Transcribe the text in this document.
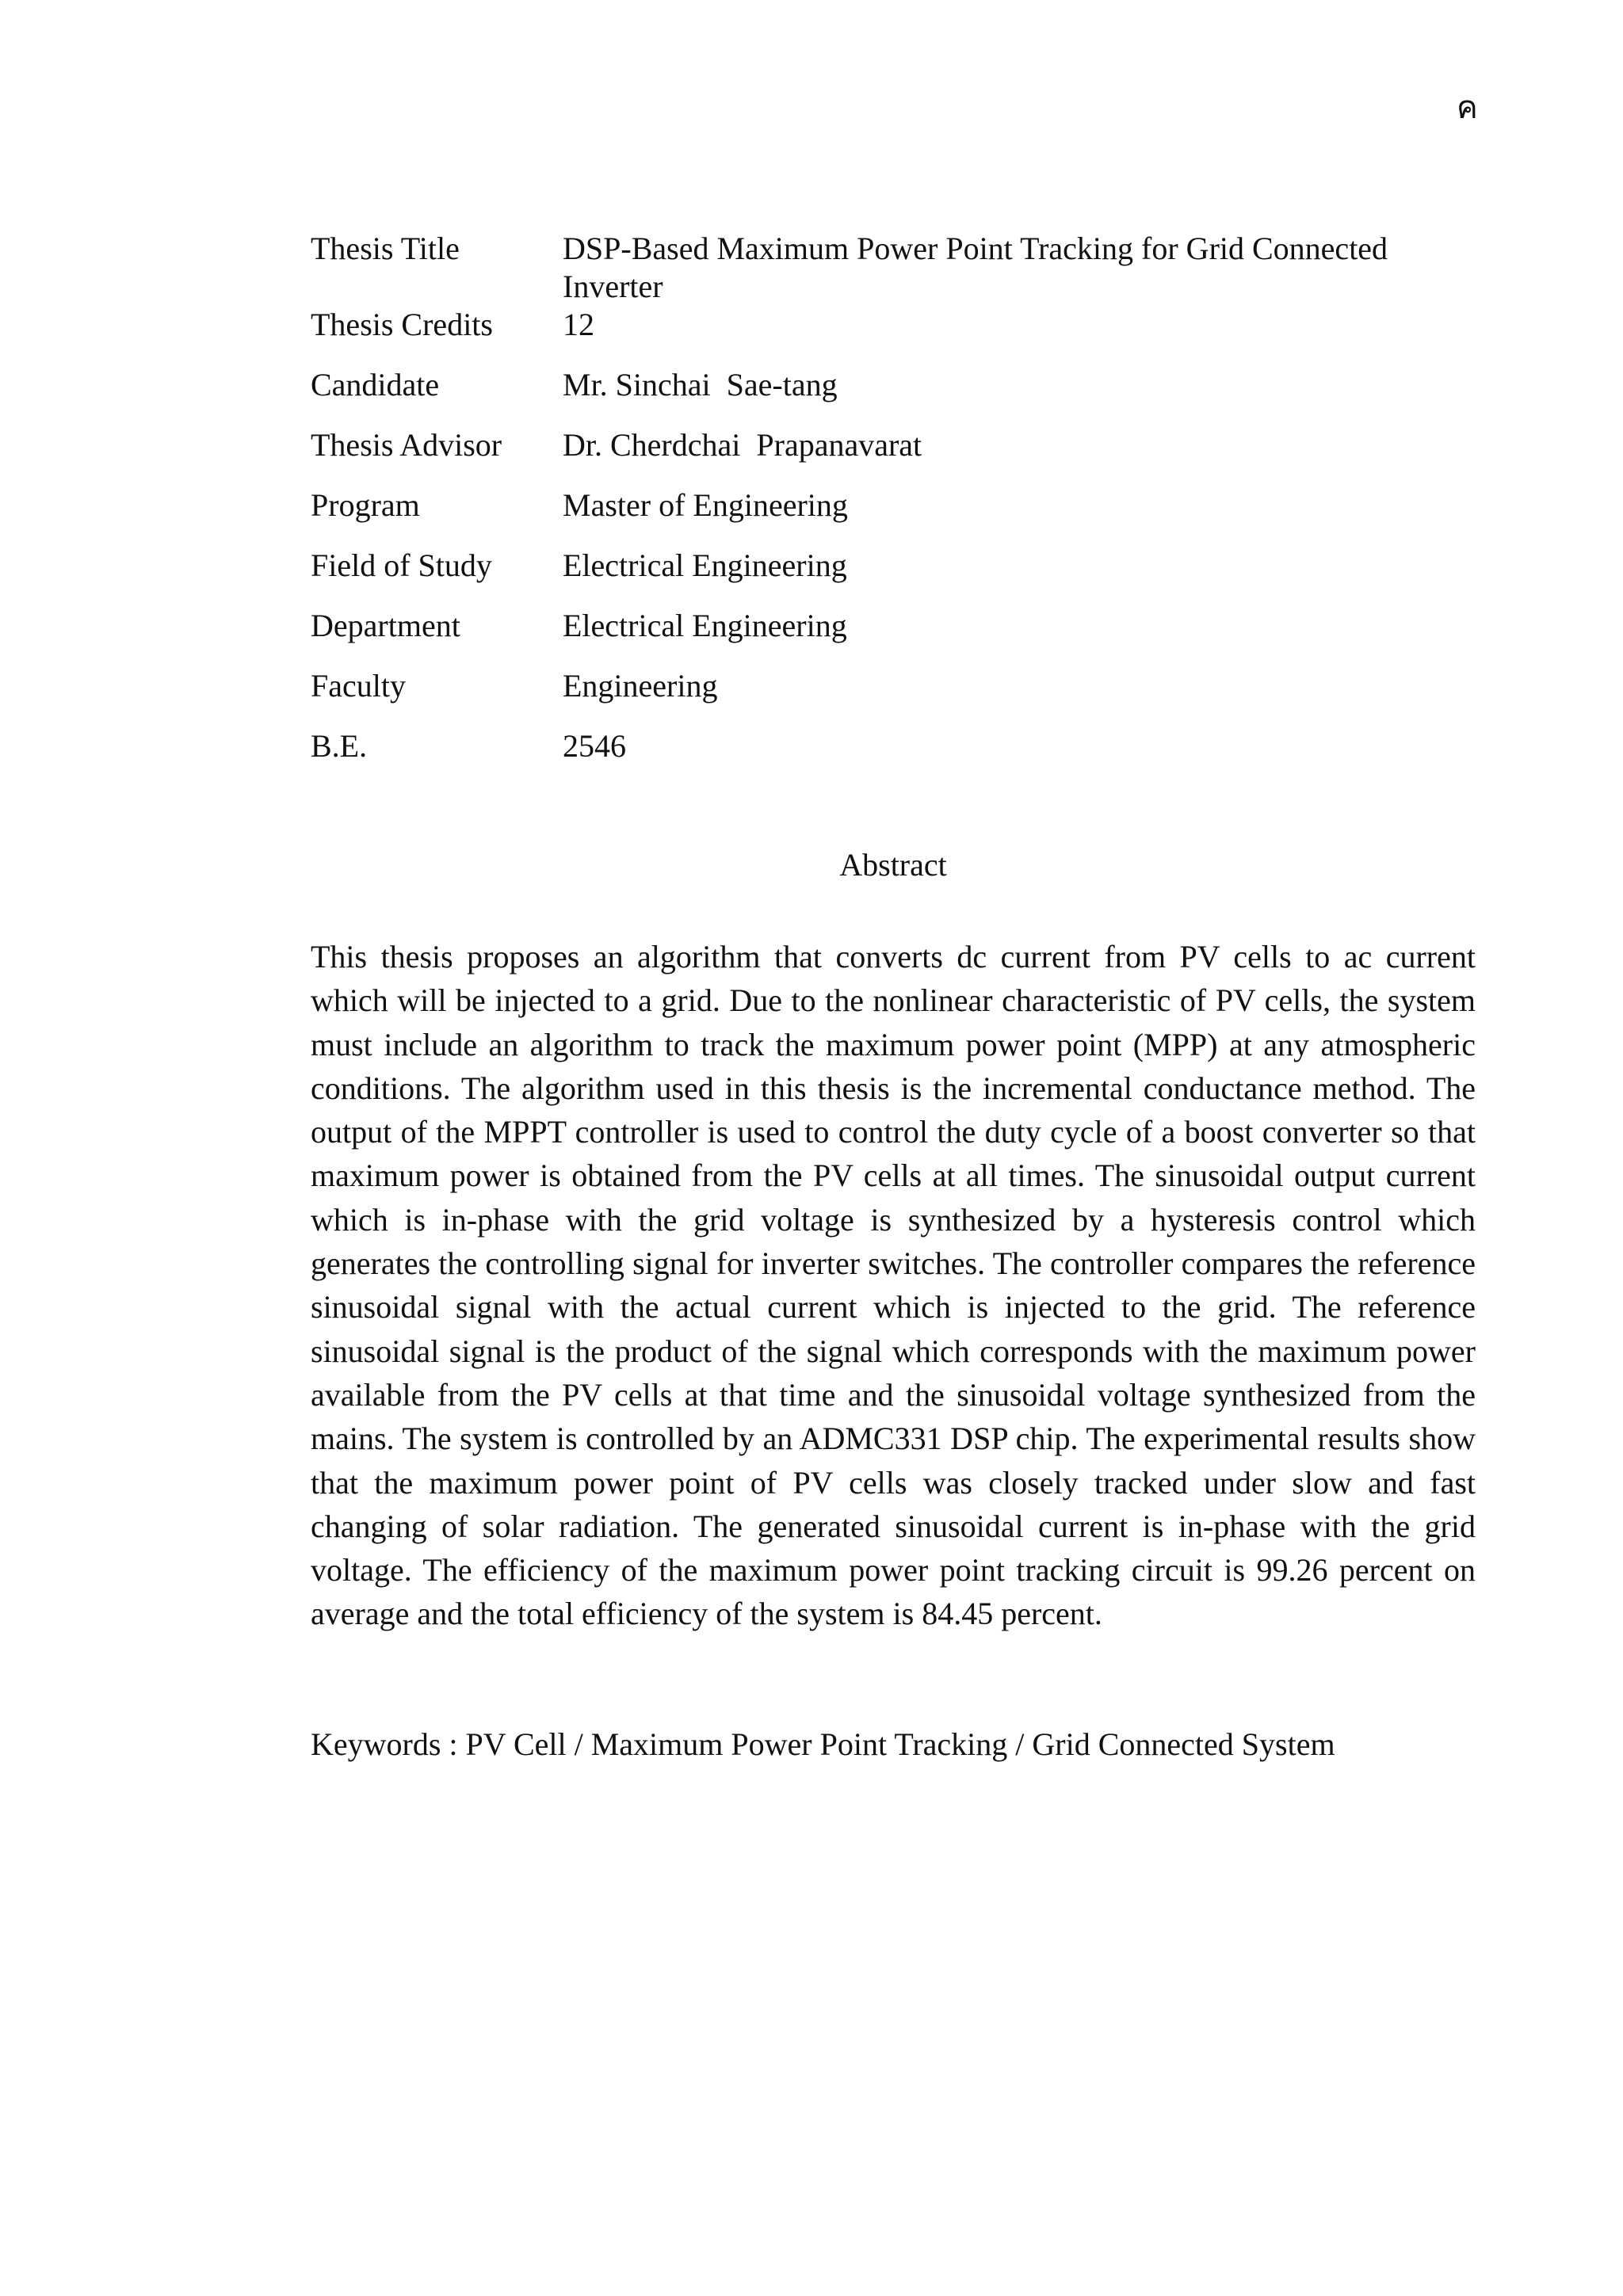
ค
Thesis Title	DSP-Based Maximum Power Point Tracking for Grid Connected Inverter
Thesis Credits	12
Candidate	Mr. Sinchai  Sae-tang
Thesis Advisor	Dr. Cherdchai  Prapanavarat
Program	Master of Engineering
Field of Study	Electrical Engineering
Department	Electrical Engineering
Faculty	Engineering
B.E.	2546
Abstract

This thesis proposes an algorithm that converts dc current from PV cells to ac current which will be injected to a grid. Due to the nonlinear characteristic of PV cells, the system must include an algorithm to track the maximum power point (MPP) at any atmospheric conditions. The algorithm used in this thesis is the incremental conductance method. The output of the MPPT controller is used to control the duty cycle of a boost converter so that maximum power is obtained from the PV cells at all times. The sinusoidal output current which is in-phase with the grid voltage is synthesized by a hysteresis control which generates the controlling signal for inverter switches. The controller compares the reference sinusoidal signal with the actual current which is injected to the grid. The reference sinusoidal signal is the product of the signal which corresponds with the maximum power available from the PV cells at that time and the sinusoidal voltage synthesized from the mains. The system is controlled by an ADMC331 DSP chip. The experimental results show that the maximum power point of PV cells was closely tracked under slow and fast changing of solar radiation. The generated sinusoidal current is in-phase with the grid voltage. The efficiency of the maximum power point tracking circuit is 99.26 percent on average and the total efficiency of the system is 84.45 percent.

Keywords : PV Cell / Maximum Power Point Tracking / Grid Connected System
